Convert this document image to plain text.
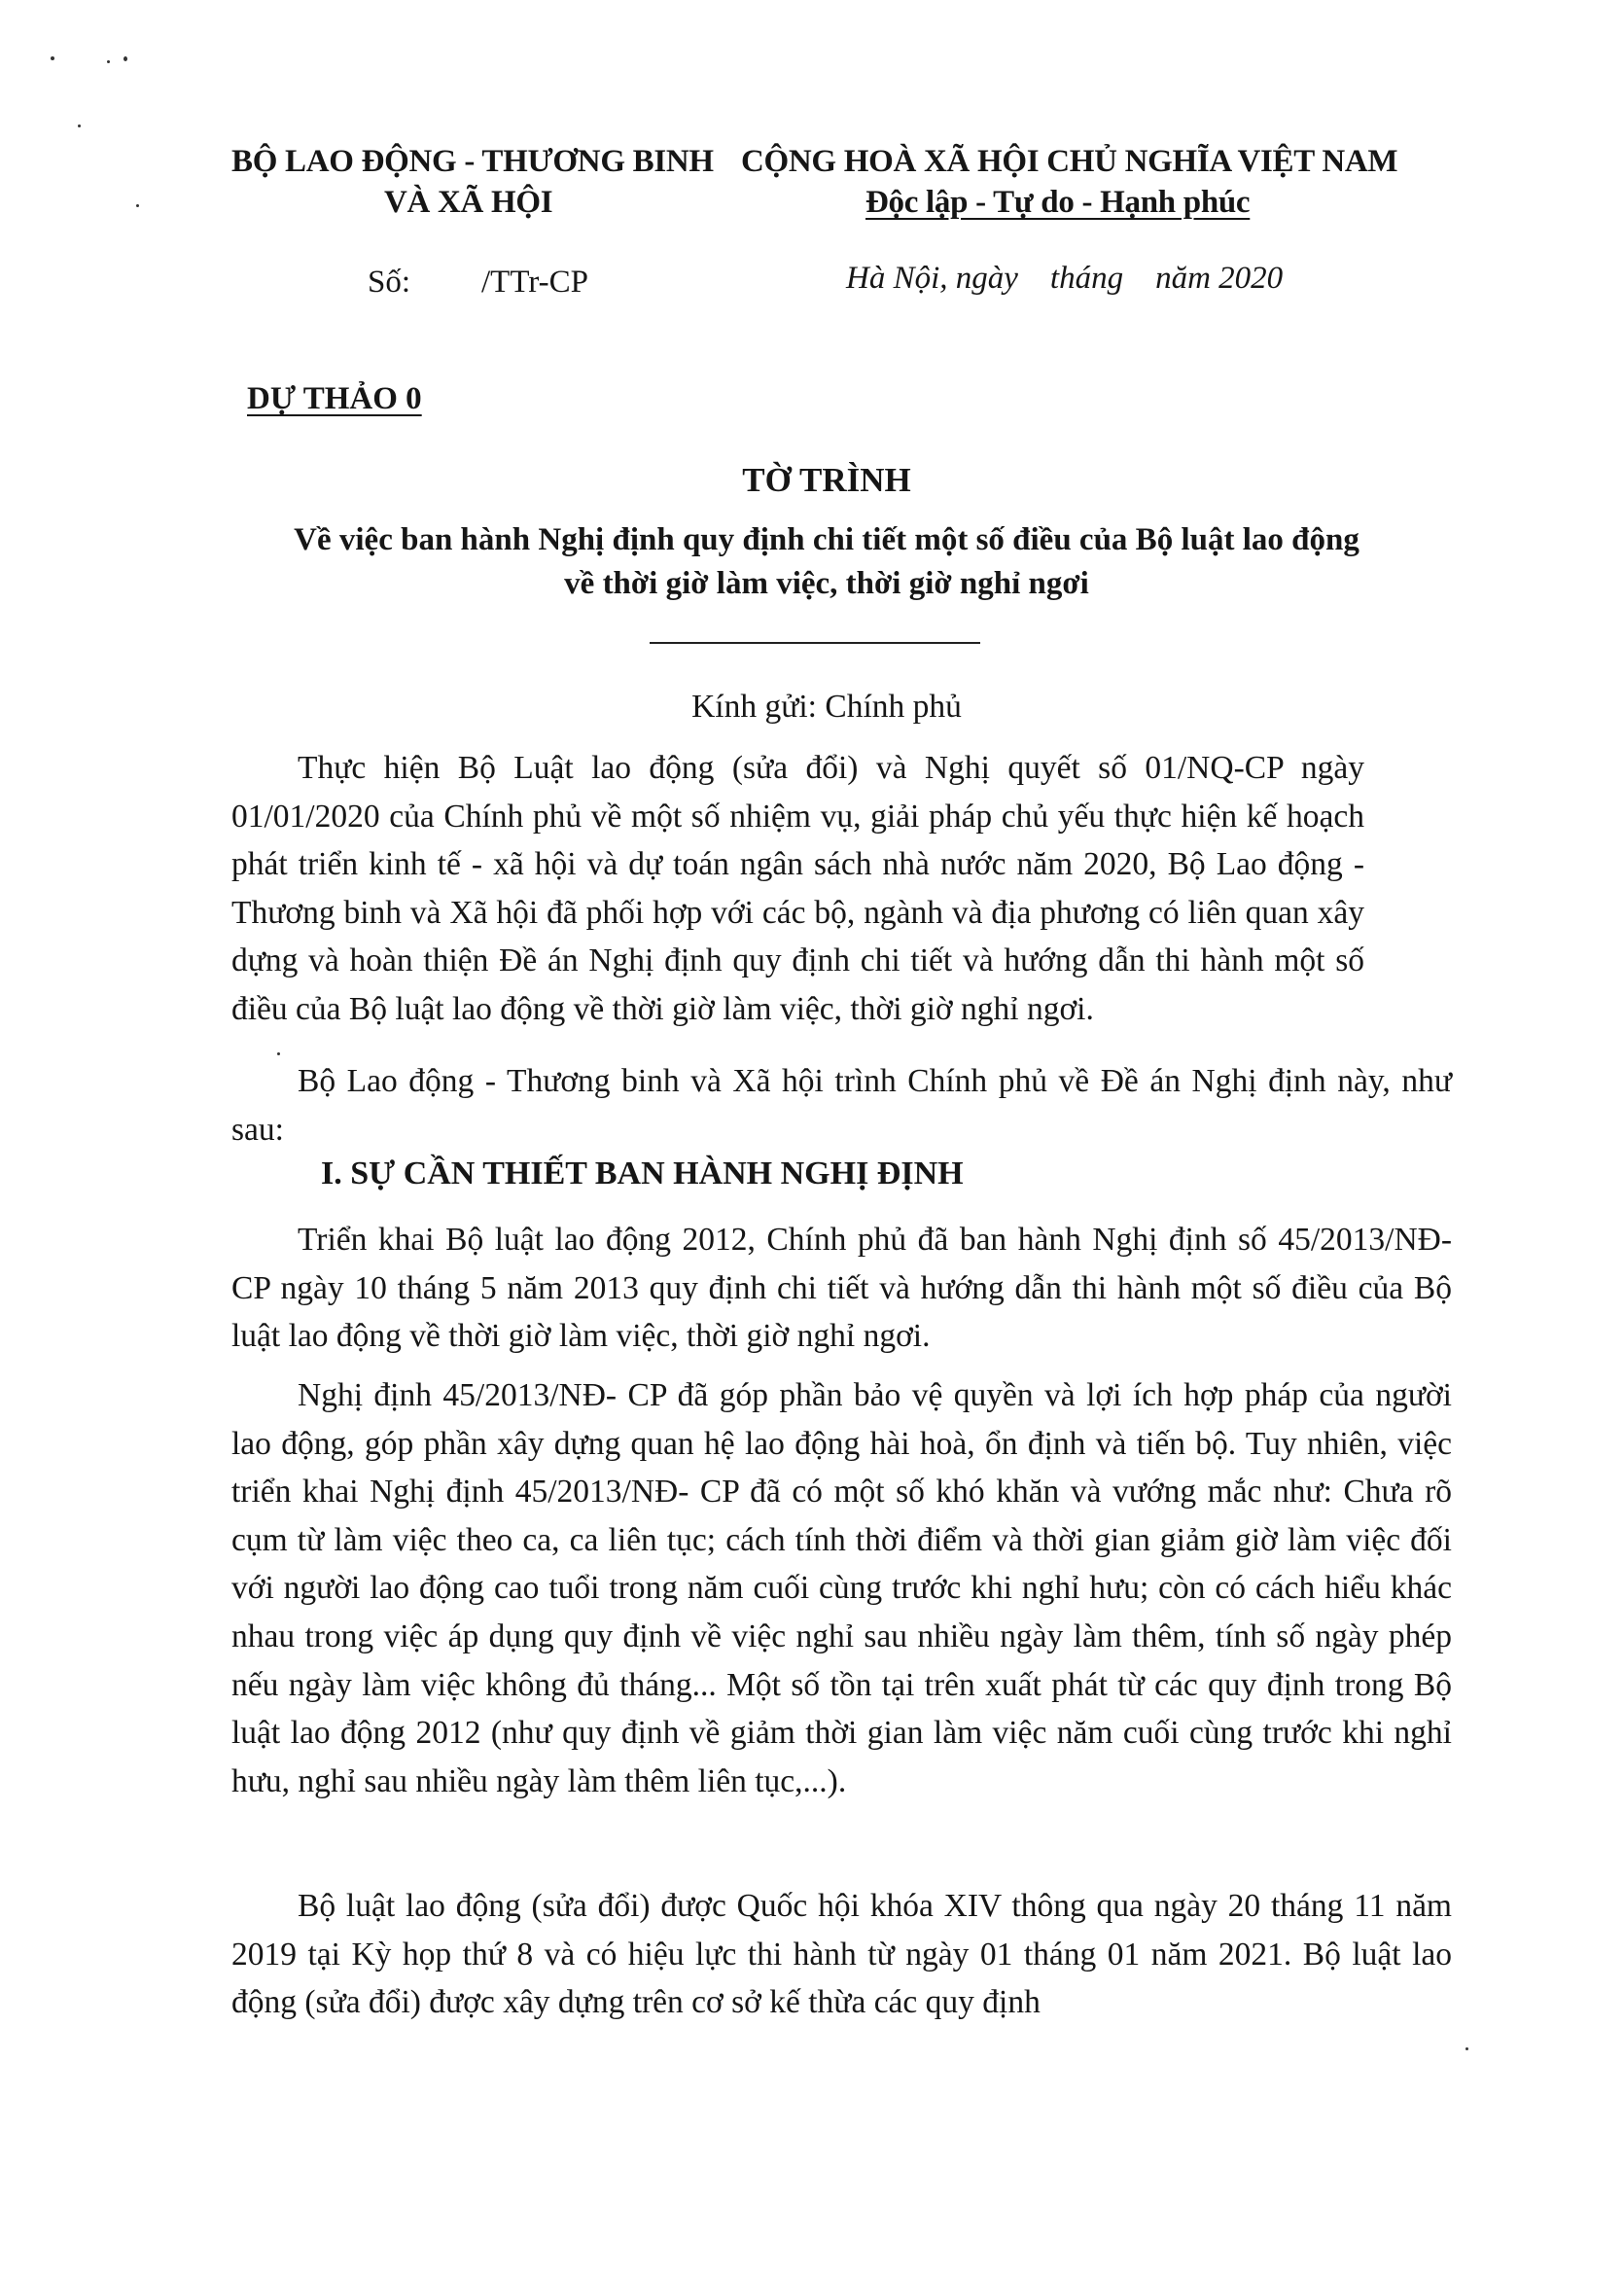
BỘ LAO ĐỘNG - THƯƠNG BINH
VÀ XÃ HỘI
CỘNG HOÀ XÃ HỘI CHỦ NGHĨA VIỆT NAM
Độc lập - Tự do - Hạnh phúc
Số: /TTr-CP	Hà Nội, ngày    tháng    năm 2020
DỰ THẢO 0
TỜ TRÌNH
Về việc ban hành Nghị định quy định chi tiết một số điều của Bộ luật lao động
về thời giờ làm việc, thời giờ nghỉ ngơi
Kính gửi: Chính phủ
Thực hiện Bộ Luật lao động (sửa đổi) và Nghị quyết số 01/NQ-CP ngày 01/01/2020 của Chính phủ về một số nhiệm vụ, giải pháp chủ yếu thực hiện kế hoạch phát triển kinh tế - xã hội và dự toán ngân sách nhà nước năm 2020, Bộ Lao động - Thương binh và Xã hội đã phối hợp với các bộ, ngành và địa phương có liên quan xây dựng và hoàn thiện Đề án Nghị định quy định chi tiết và hướng dẫn thi hành một số điều của Bộ luật lao động về thời giờ làm việc, thời giờ nghỉ ngơi.
Bộ Lao động - Thương binh và Xã hội trình Chính phủ về Đề án Nghị định này, như sau:
I. SỰ CẦN THIẾT BAN HÀNH NGHỊ ĐỊNH
Triển khai Bộ luật lao động 2012, Chính phủ đã ban hành Nghị định số 45/2013/NĐ- CP ngày 10 tháng 5 năm 2013 quy định chi tiết và hướng dẫn thi hành một số điều của Bộ luật lao động về thời giờ làm việc, thời giờ nghỉ ngơi.
Nghị định 45/2013/NĐ- CP đã góp phần bảo vệ quyền và lợi ích hợp pháp của người lao động, góp phần xây dựng quan hệ lao động hài hoà, ổn định và tiến bộ. Tuy nhiên, việc triển khai Nghị định 45/2013/NĐ- CP đã có một số khó khăn và vướng mắc như: Chưa rõ cụm từ làm việc theo ca, ca liên tục; cách tính thời điểm và thời gian giảm giờ làm việc đối với người lao động cao tuổi trong năm cuối cùng trước khi nghỉ hưu; còn có cách hiểu khác nhau trong việc áp dụng quy định về việc nghỉ sau nhiều ngày làm thêm, tính số ngày phép nếu ngày làm việc không đủ tháng... Một số tồn tại trên xuất phát từ các quy định trong Bộ luật lao động 2012 (như quy định về giảm thời gian làm việc năm cuối cùng trước khi nghỉ hưu, nghỉ sau nhiều ngày làm thêm liên tục,...).
Bộ luật lao động (sửa đổi) được Quốc hội khóa XIV thông qua ngày 20 tháng 11 năm 2019 tại Kỳ họp thứ 8 và có hiệu lực thi hành từ ngày 01 tháng 01 năm 2021. Bộ luật lao động (sửa đổi) được xây dựng trên cơ sở kế thừa các quy định
